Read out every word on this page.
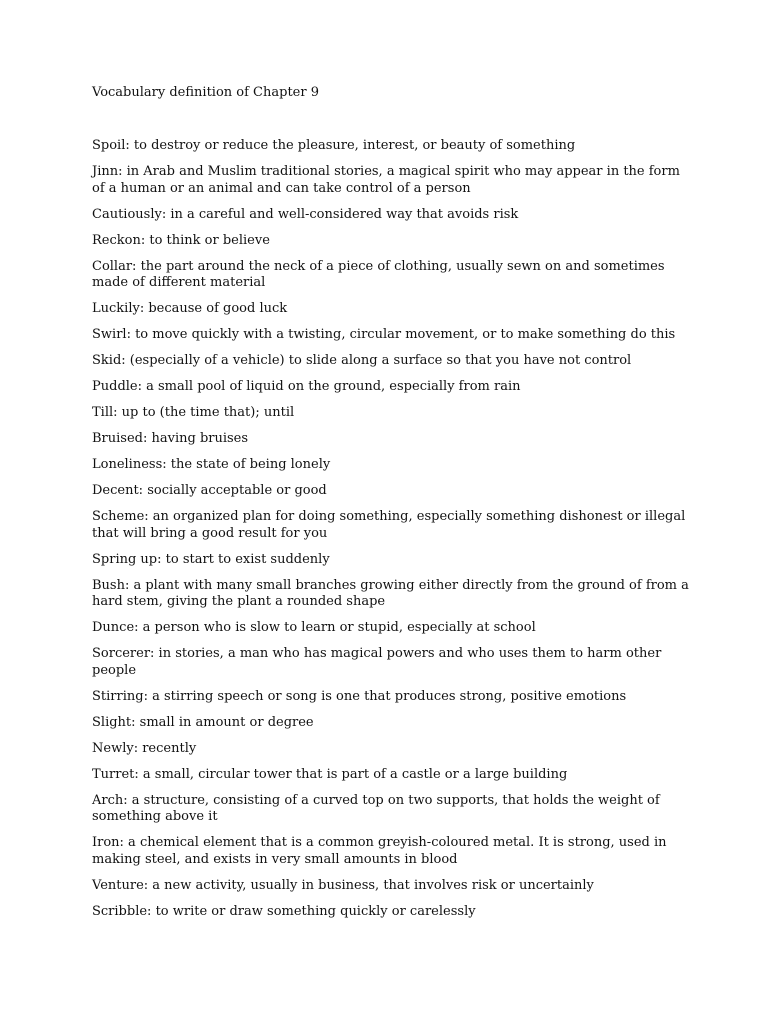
Vocabulary definition of Chapter 9
Spoil: to destroy or reduce the pleasure, interest, or beauty of something
Jinn: in Arab and Muslim traditional stories, a magical spirit who may appear in the form of a human or an animal and can take control of a person
Cautiously: in a careful and well-considered way that avoids risk
Reckon: to think or believe
Collar: the part around the neck of a piece of clothing, usually sewn on and sometimes made of different material
Luckily: because of good luck
Swirl: to move quickly with a twisting, circular movement, or to make something do this
Skid: (especially of a vehicle) to slide along a surface so that you have not control
Puddle: a small pool of liquid on the ground, especially from rain
Till: up to (the time that); until
Bruised: having bruises
Loneliness: the state of being lonely
Decent: socially acceptable or good
Scheme: an organized plan for doing something, especially something dishonest or illegal that will bring a good result for you
Spring up: to start to exist suddenly
Bush: a plant with many small branches growing either directly from the ground of from a hard stem, giving the plant a rounded shape
Dunce: a person who is slow to learn or stupid, especially at school
Sorcerer: in stories, a man who has magical powers and who uses them to harm other people
Stirring: a stirring speech or song is one that produces strong, positive emotions
Slight: small in amount or degree
Newly: recently
Turret: a small, circular tower that is part of a castle or a large building
Arch: a structure, consisting of a curved top on two supports, that holds the weight of something above it
Iron: a chemical element that is a common greyish-coloured metal. It is strong, used in making steel, and exists in very small amounts in blood
Venture: a new activity, usually in business, that involves risk or uncertainly
Scribble: to write or draw something quickly or carelessly
